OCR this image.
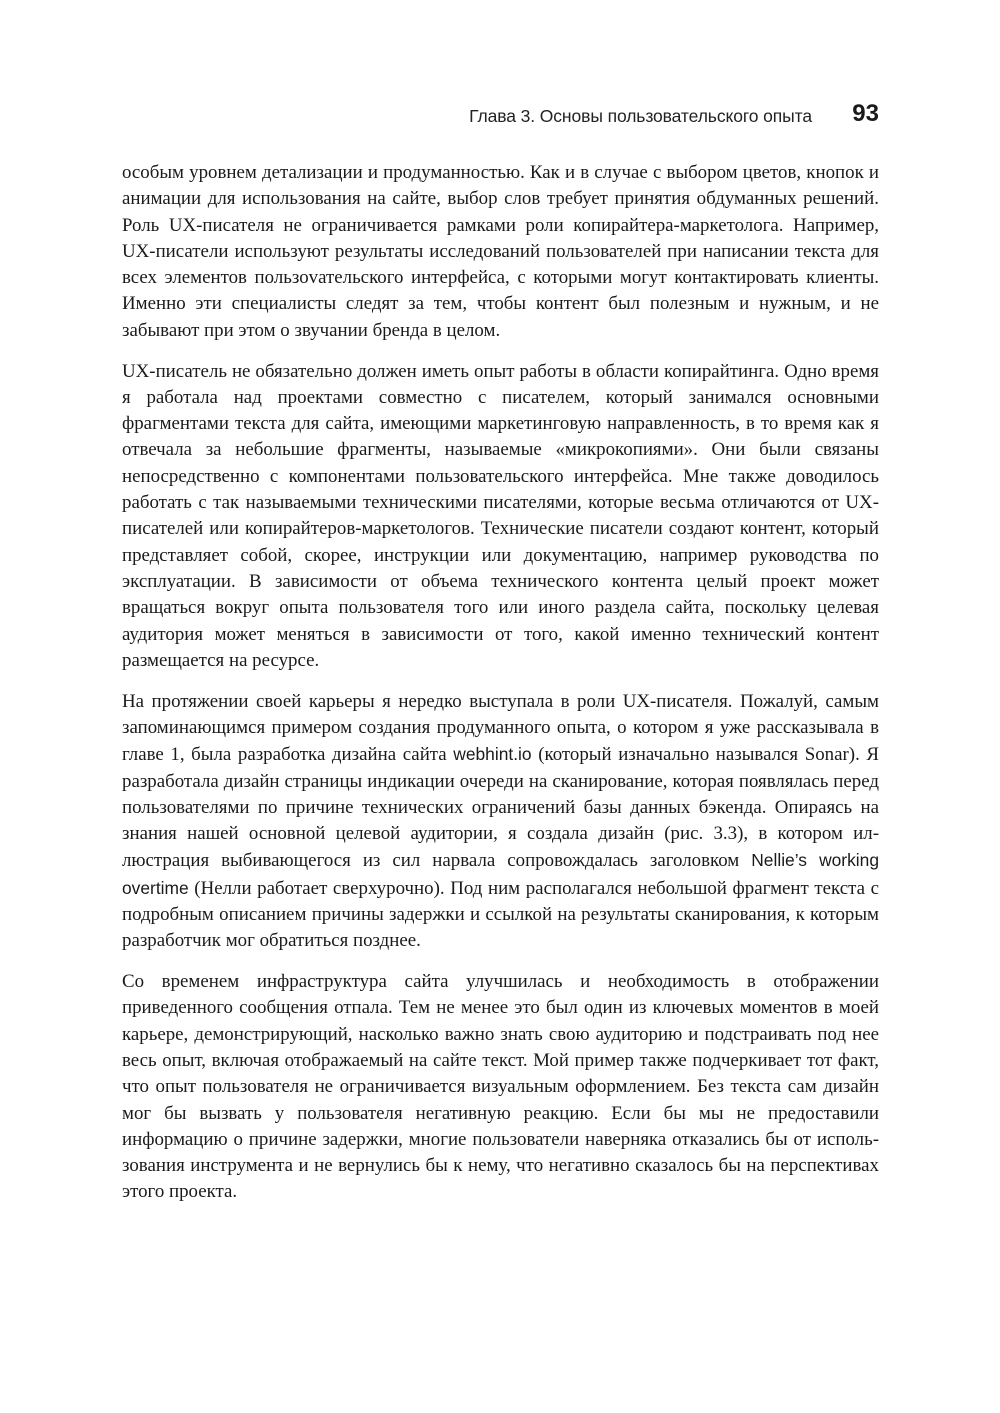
Глава 3. Основы пользовательского опыта 93

особым уровнем детализации и продуманностью. Как и в случае с выбором цветов, кнопок и анимации для использования на сайте, выбор слов требует принятия обдуманных решений. Роль UX-писателя не ограничивается рамками роли копирайтера-маркетолога. Например, UX-писатели используют результаты исследований пользователей при написании текста для всех элементов пользоvательского интерфейса, с которыми могут контактировать клиенты. Именно эти специалисты следят за тем, чтобы контент был полезным и нужным, и не забывают при этом о звучании бренда в целом.

UX-писатель не обязательно должен иметь опыт работы в области копирайтинга. Одно время я работала над проектами совместно с писателем, который занимался основными фрагментами текста для сайта, имеющими маркетинговую направленность, в то время как я отвечала за небольшие фрагменты, называемые «микрокопиями». Они были связаны непосредственно с компонентами пользовательского интерфейса. Мне также доводилось работать с так называемыми техническими писателями, которые весьма отличаются от UX-писателей или копирайтеров-маркетологов. Технические писатели создают контент, который представляет собой, скорее, инструкции или документацию, например руководства по эксплуатации. В зависимости от объема технического контента целый проект может вращаться вокруг опыта пользователя того или иного раздела сайта, поскольку целевая аудитория может меняться в зависимости от того, какой именно технический контент размещается на ресурсе.

На протяжении своей карьеры я нередко выступала в роли UX-писателя. Пожалуй, самым запоминающимся примером создания продуманного опыта, о котором я уже рассказывала в главе 1, была разработка дизайна сайта webhint.io (который изначально назывался Sonar). Я разработала дизайн страницы индикации очереди на сканирование, которая появлялась перед пользователями по причине технических ограничений базы данных бэкенда. Опираясь на знания нашей основной целевой аудитории, я создала дизайн (рис. 3.3), в котором иллюстрация выбивающегося из сил нарвала сопровождалась заголовком Nellie’s working overtime (Нелли работает сверхурочно). Под ним располагался небольшой фрагмент текста с подробным описанием причины задержки и ссылкой на результаты сканирования, к которым разработчик мог обратиться позднее.

Со временем инфраструктура сайта улучшилась и необходимость в отображении приведенного сообщения отпала. Тем не менее это был один из ключевых моментов в моей карьере, демонстрирующий, насколько важно знать свою аудиторию и подстраивать под нее весь опыт, включая отображаемый на сайте текст. Мой пример также подчеркивает тот факт, что опыт пользователя не ограничивается визуальным оформлением. Без текста сам дизайн мог бы вызвать у пользователя негативную реакцию. Если бы мы не предоставили информацию о причине задержки, многие пользователи наверняка отказались бы от использования инструмента и не вернулись бы к нему, что негативно сказалось бы на перспективах этого проекта.
